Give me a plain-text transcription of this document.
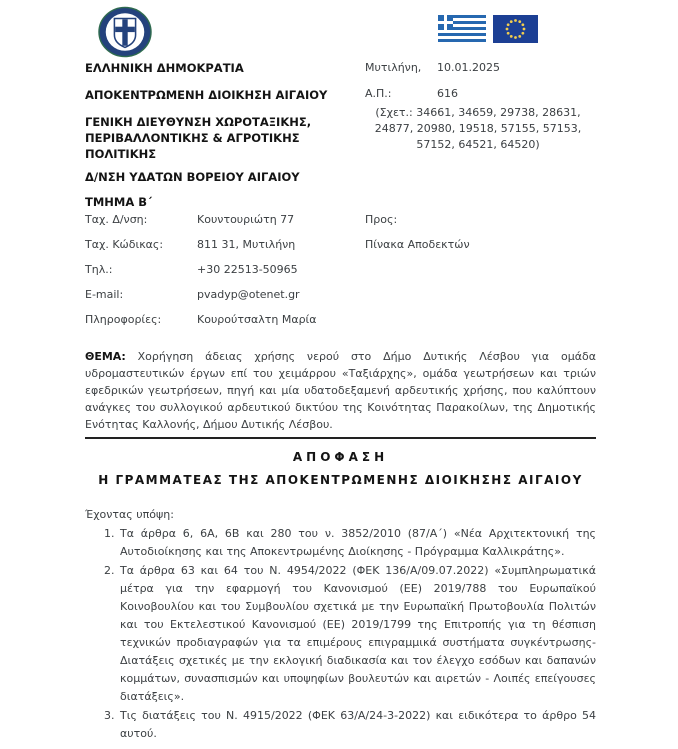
ΕΛΛΗΝΙΚΗ ΔΗΜΟΚΡΑΤΙΑ
ΑΠΟΚΕΝΤΡΩΜΕΝΗ ΔΙΟΙΚΗΣΗ ΑΙΓΑΙΟΥ
ΓΕΝΙΚΗ ΔΙΕΥΘΥΝΣΗ ΧΩΡΟΤΑΞΙΚΗΣ, ΠΕΡΙΒΑΛΛΟΝΤΙΚΗΣ & ΑΓΡΟΤΙΚΗΣ ΠΟΛΙΤΙΚΗΣ
Δ/ΝΣΗ ΥΔΑΤΩΝ ΒΟΡΕΙΟΥ ΑΙΓΑΙΟΥ
ΤΜΗΜΑ Β΄
Μυτιλήνη,	10.01.2025
Α.Π.:	616
(Σχετ.: 34661, 34659, 29738, 28631, 24877, 20980, 19518, 57155, 57153, 57152, 64521, 64520)
Ταχ. Δ/νση:	Κουντουριώτη 77
Ταχ. Κώδικας:	811 31, Μυτιλήνη
Τηλ.:	+30 22513-50965
E-mail:	pvadyp@otenet.gr
Πληροφορίες:	Κουρούτσαλτη Μαρία
Προς:
Πίνακα Αποδεκτών

ΘΕΜΑ: Χορήγηση άδειας χρήσης νερού στο Δήμο Δυτικής Λέσβου για ομάδα υδρομαστευτικών έργων επί του χειμάρρου «Ταξιάρχης», ομάδα γεωτρήσεων και τριών εφεδρικών γεωτρήσεων, πηγή και μία υδατοδεξαμενή αρδευτικής χρήσης, που καλύπτουν ανάγκες του συλλογικού αρδευτικού δικτύου της Κοινότητας Παρακοίλων, της Δημοτικής Ενότητας Καλλονής, Δήμου Δυτικής Λέσβου.

ΑΠΟΦΑΣΗ
Η ΓΡΑΜΜΑΤΕΑΣ ΤΗΣ ΑΠΟΚΕΝΤΡΩΜΕΝΗΣ ΔΙΟΙΚΗΣΗΣ ΑΙΓΑΙΟΥ
Έχοντας υπόψη:
1. Τα άρθρα 6, 6Α, 6Β και 280 του ν. 3852/2010 (87/Α΄) «Νέα Αρχιτεκτονική της Αυτοδιοίκησης και της Αποκεντρωμένης Διοίκησης - Πρόγραμμα Καλλικράτης».
2. Τα άρθρα 63 και 64 του Ν. 4954/2022 (ΦΕΚ 136/Α/09.07.2022) «Συμπληρωματικά μέτρα για την εφαρμογή του Κανονισμού (ΕΕ) 2019/788 του Ευρωπαϊκού Κοινοβουλίου και του Συμβουλίου σχετικά με την Ευρωπαϊκή Πρωτοβουλία Πολιτών και του Εκτελεστικού Κανονισμού (ΕΕ) 2019/1799 της Επιτροπής για τη θέσπιση τεχνικών προδιαγραφών για τα επιμέρους επιγραμμικά συστήματα συγκέντρωσης- Διατάξεις σχετικές με την εκλογική διαδικασία και τον έλεγχο εσόδων και δαπανών κομμάτων, συνασπισμών και υποψηφίων βουλευτών και αιρετών - Λοιπές επείγουσες διατάξεις».
3. Τις διατάξεις του Ν. 4915/2022 (ΦΕΚ 63/Α/24-3-2022) και ειδικότερα το άρθρο 54 αυτού.
